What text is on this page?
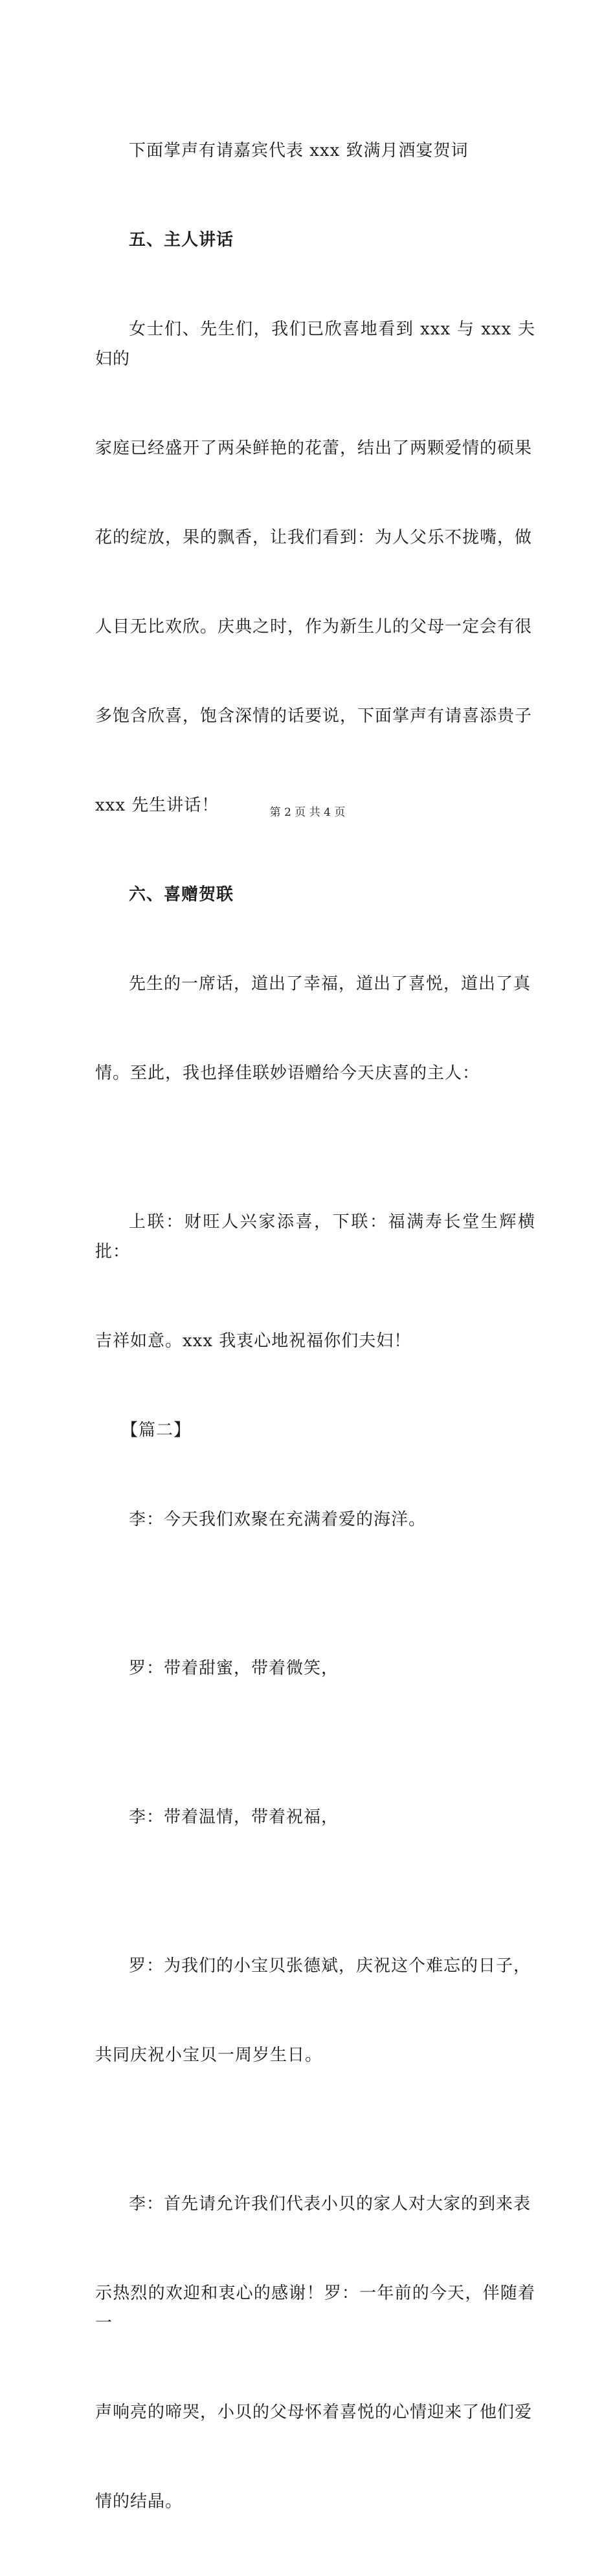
下面掌声有请嘉宾代表 xxx 致满月酒宴贺词

五、主人讲话

女士们、先生们，我们已欣喜地看到 xxx 与 xxx 夫妇的

家庭已经盛开了两朵鲜艳的花蕾，结出了两颗爱情的硕果

花的绽放，果的飘香，让我们看到：为人父乐不拢嘴，做

人目无比欢欣。庆典之时，作为新生儿的父母一定会有很

多饱含欣喜，饱含深情的话要说，下面掌声有请喜添贵子

xxx 先生讲话！

六、喜赠贺联

先生的一席话，道出了幸福，道出了喜悦，道出了真

情。至此，我也择佳联妙语赠给今天庆喜的主人：

上联：财旺人兴家添喜，下联：福满寿长堂生辉横批：

吉祥如意。xxx 我衷心地祝福你们夫妇！

【篇二】

李：今天我们欢聚在充满着爱的海洋。

罗：带着甜蜜，带着微笑，

李：带着温情，带着祝福，

罗：为我们的小宝贝张德斌，庆祝这个难忘的日子，

共同庆祝小宝贝一周岁生日。

李：首先请允许我们代表小贝的家人对大家的到来表

示热烈的欢迎和衷心的感谢！罗：一年前的今天，伴随着一

声响亮的啼哭，小贝的父母怀着喜悦的心情迎来了他们爱

情的结晶。

第 2 页 共 4 页
